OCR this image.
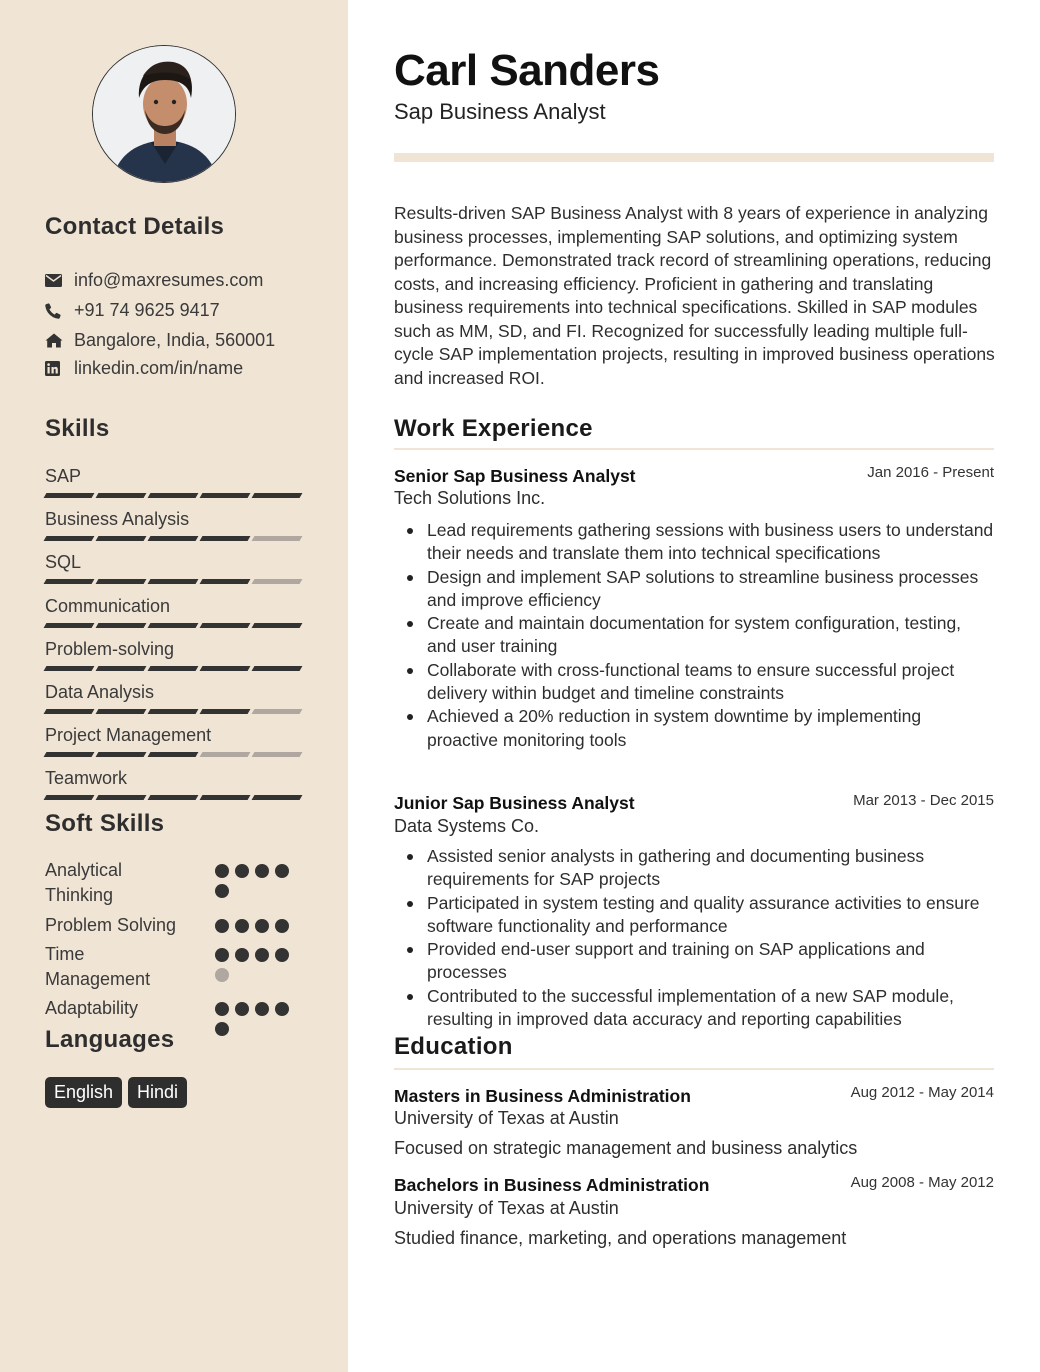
Contact Details
info@maxresumes.com
+91 74 9625 9417
Bangalore, India, 560001
linkedin.com/in/name
Skills
SAP
Business Analysis
SQL
Communication
Problem-solving
Data Analysis
Project Management
Teamwork
Soft Skills
Analytical Thinking
Problem Solving
Time Management
Adaptability
Languages
English	Hindi
Carl Sanders
Sap Business Analyst
Results-driven SAP Business Analyst with 8 years of experience in analyzing business processes, implementing SAP solutions, and optimizing system performance. Demonstrated track record of streamlining operations, reducing costs, and increasing efficiency. Proficient in gathering and translating business requirements into technical specifications. Skilled in SAP modules such as MM, SD, and FI. Recognized for successfully leading multiple full-cycle SAP implementation projects, resulting in improved business operations and increased ROI.
Work Experience
Senior Sap Business Analyst	Jan 2016 - Present
Tech Solutions Inc.
Lead requirements gathering sessions with business users to understand their needs and translate them into technical specifications
Design and implement SAP solutions to streamline business processes and improve efficiency
Create and maintain documentation for system configuration, testing, and user training
Collaborate with cross-functional teams to ensure successful project delivery within budget and timeline constraints
Achieved a 20% reduction in system downtime by implementing proactive monitoring tools
Junior Sap Business Analyst	Mar 2013 - Dec 2015
Data Systems Co.
Assisted senior analysts in gathering and documenting business requirements for SAP projects
Participated in system testing and quality assurance activities to ensure software functionality and performance
Provided end-user support and training on SAP applications and processes
Contributed to the successful implementation of a new SAP module, resulting in improved data accuracy and reporting capabilities
Education
Masters in Business Administration	Aug 2012 - May 2014
University of Texas at Austin
Focused on strategic management and business analytics
Bachelors in Business Administration	Aug 2008 - May 2012
University of Texas at Austin
Studied finance, marketing, and operations management
